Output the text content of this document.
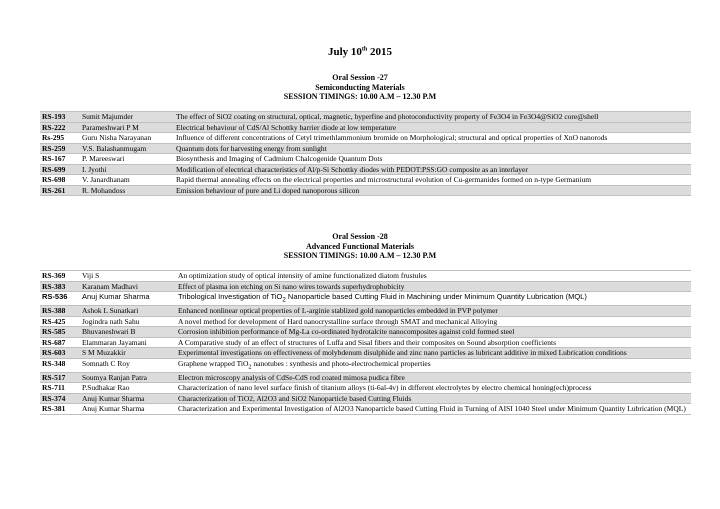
July 10th 2015
Oral Session -27
Semiconducting Materials
SESSION TIMINGS: 10.00 A.M – 12.30 P.M
RS-193	Sumit Majumder	The effect of SiO2 coating on structural, optical, magnetic, hyperfine and photoconductivity property of Fe3O4 in Fe3O4@SiO2 core@shell
RS-222	Parameshwari P M	Electrical behaviour of CdS/Al Schottky barrier diode at low temperature
Rs-295	Guru Nisha Narayanan	Influence of different concentrations of Cetyl trimethlammonium bromide on Morphological; structural and optical properties of XnO nanorods
RS-259	V.S. Balashanmugam	Quantum dots for harvesting energy from sunlight
RS-167	P. Mareeswari	Biosynthesis and Imaging of Cadmium Chalcogenide Quantum Dots
RS-699	I. Jyothi	Modification of electrical characteristics of Al/p-Si Schottky diodes with PEDOT:PSS:GO composite as an interlayer
RS-698	V. Janardhanam	Rapid thermal annealing effects on the electrical properties and microstructural evolution of Cu-germanides formed on n-type Germanium
RS-261	R. Mohandoss	Emission behaviour of pure and Li doped nanoporous silicon
Oral Session -28
Advanced Functional Materials
SESSION TIMINGS: 10.00 A.M – 12.30 P.M
RS-369	Viji S	An optimization study of optical intensity of amine functionalized diatom frustules
RS-383	Karanam Madhavi	Effect of plasma ion etching on Si nano wires towards superhydrophobicity
RS-536	Anuj Kumar Sharma	Tribological Investigation of TiO$_2$ Nanoparticle based Cutting Fluid in Machining under Minimum Quantity Lubrication (MQL)
RS-388	Ashok L Sunatkari	Enhanced nonlinear optical properties of L-arginie stablized gold nanoparticles embedded in PVP polymer
RS-425	Jogindra nath Sahu	A novel method for development of Hard nanocrystalline surface through SMAT and mechanical Alloying
RS-585	Bhuvaneshwari B	Corrosion inhibition performance of Mg-La co-ordinated hydrotalcite nanocomposites against cold formed steel
RS-687	Elammaran Jayamani	A Comparative study of an effect of structures of Luffa and Sisal fibers and their composites on Sound absorption coefficients
RS-603	S M Muzakkir	Experimental investigations on effectiveness of molybdenum disulphide and zinc nano particles as lubricant additive in mixed Lubrication conditions
RS-348	Somnath C Roy	Graphene wrapped TiO$_2$ nanotubes : synthesis and photo-electrochemical properties
RS-517	Soumya Ranjan Patra	Electron microscopy analysis of CdSe-CdS rod coated mimosa pudica fibre
RS-711	P.Sudhakar Rao	Characterization of nano level surface finish of titanium alloys (ti-6al-4v) in different electrolytes by electro chemical honing(ech)process
RS-374	Anuj Kumar Sharma	Characterization of TiO2, Al2O3 and SiO2 Nanoparticle based Cutting Fluids
RS-381	Anuj Kumar Sharma	Characterization and Experimental Investigation of Al2O3 Nanoparticle based Cutting Fluid in Turning of AISI 1040 Steel under Minimum Quantity Lubrication (MQL)
